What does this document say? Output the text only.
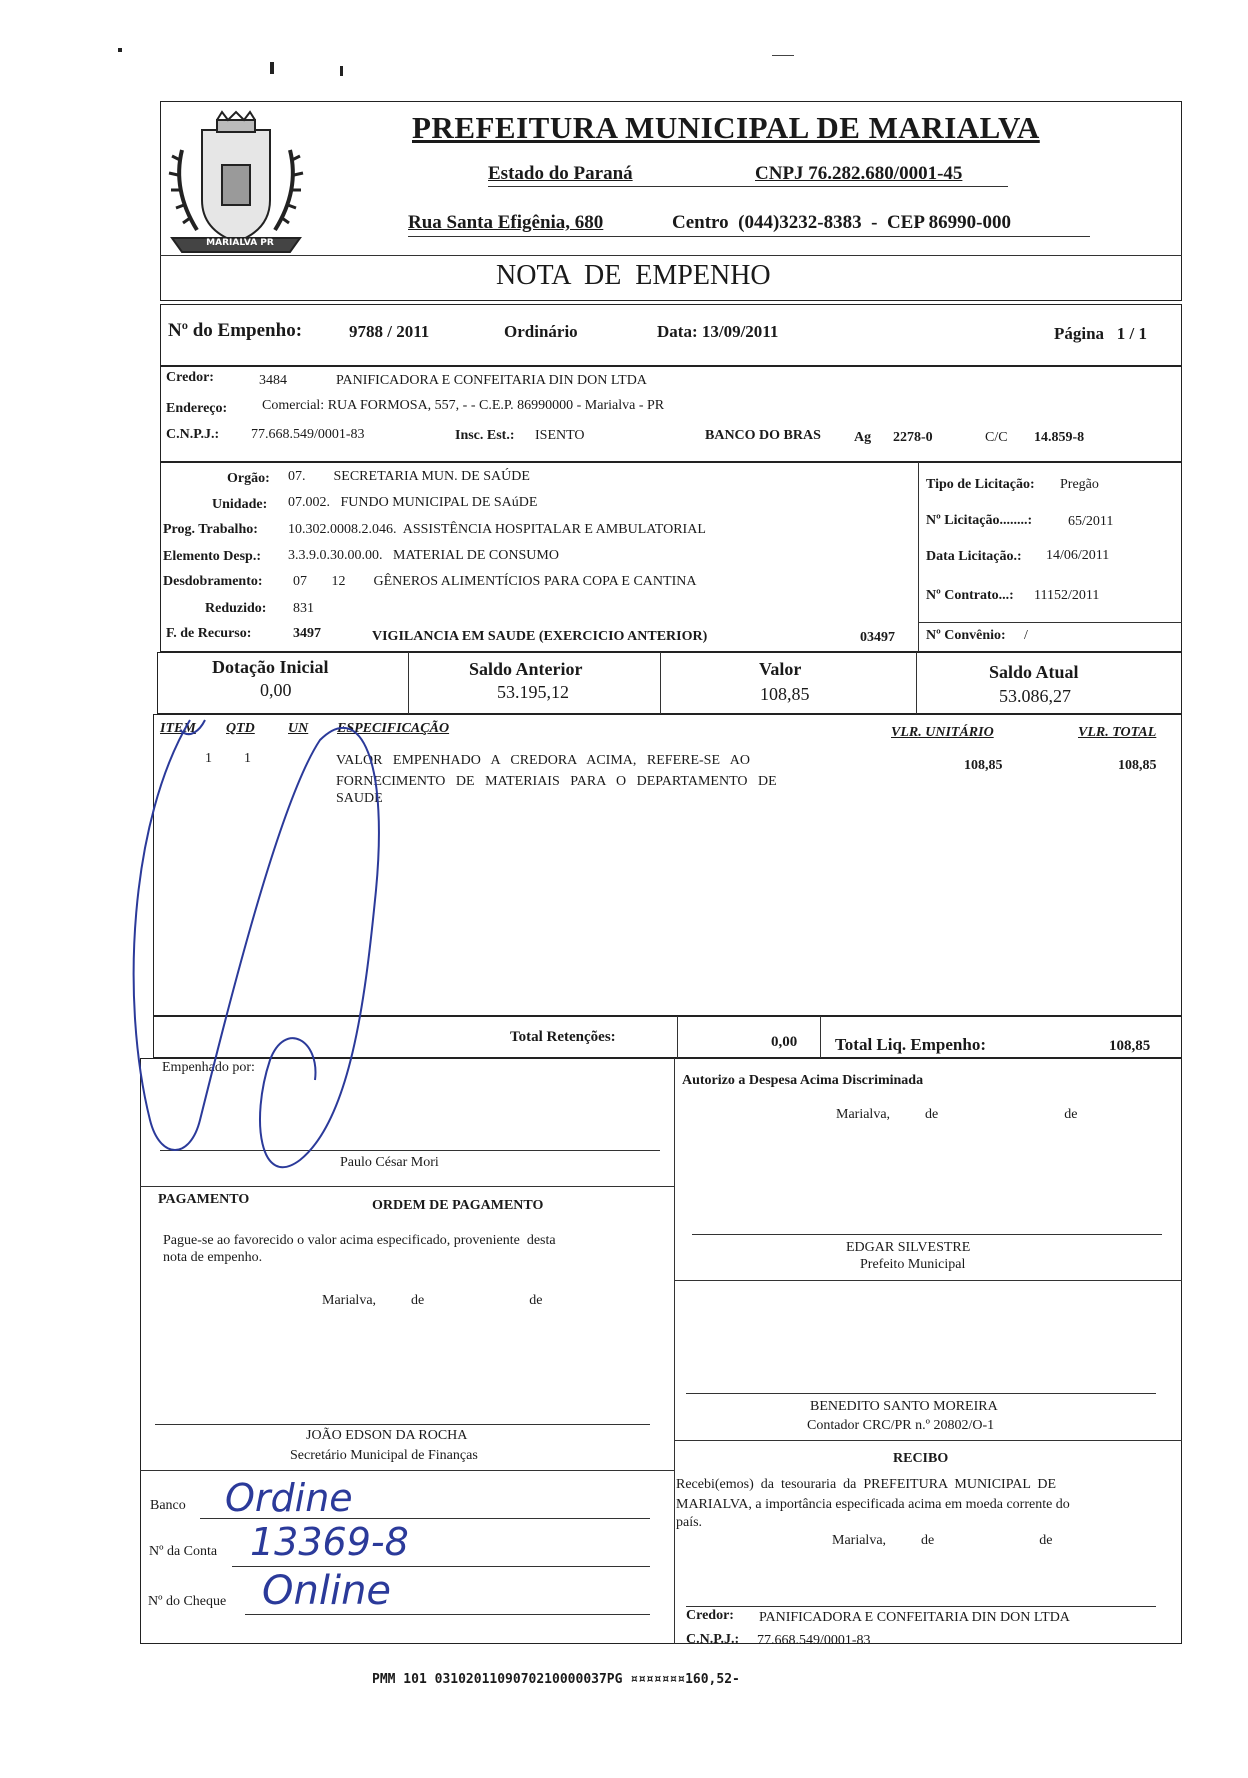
MARIALVA PR
PREFEITURA MUNICIPAL DE MARIALVA
Estado do Paraná	CNPJ 76.282.680/0001-45
Rua Santa Efigênia, 680	Centro  (044)3232-8383  -  CEP 86990-000
NOTA  DE  EMPENHO
Nº do Empenho:	9788 / 2011	Ordinário	Data: 13/09/2011	Página   1 / 1
Credor:	3484	PANIFICADORA E CONFEITARIA DIN DON LTDA
Endereço: Comercial: RUA FORMOSA, 557, - - C.E.P. 86990000 - Marialva - PR
C.N.P.J.: 77.668.549/0001-83	Insc. Est.: ISENTO	BANCO DO BRAS Ag 2278-0	C/C 14.859-8
Orgão: 07.        SECRETARIA MUN. DE SAÚDE
Unidade: 07.002.   FUNDO MUNICIPAL DE SAúDE
Prog. Trabalho: 10.302.0008.2.046.  ASSISTÊNCIA HOSPITALAR E AMBULATORIAL
Elemento Desp.: 3.3.9.0.30.00.00.   MATERIAL DE CONSUMO
Desdobramento: 07       12        GÊNEROS ALIMENTÍCIOS PARA COPA E CANTINA
Reduzido: 831
F. de Recurso:	3497	VIGILANCIA EM SAUDE (EXERCICIO ANTERIOR)	03497
Tipo de Licitação: Pregão
Nº Licitação........:	65/2011
Data Licitação.: 14/06/2011
Nº Contrato...: 11152/2011
Nº Convênio: /
Dotação Inicial
0,00
Saldo Anterior
53.195,12
Valor
108,85
Saldo Atual
53.086,27
ITEM QTD UN ESPECIFICAÇÃO	VLR. UNITÁRIO	VLR. TOTAL
1 1	VALOR   EMPENHADO   A   CREDORA   ACIMA,   REFERE-SE   AO
FORNECIMENTO   DE   MATERIAIS   PARA   O   DEPARTAMENTO   DE
SAUDE
108,85	108,85
Total Retenções:	0,00 Total Liq. Empenho:	108,85
Empenhado por:
Paulo César Mori
Autorizo a Despesa Acima Discriminada
Marialva,          de                                    de
EDGAR SILVESTRE
Prefeito Municipal
PAGAMENTO	ORDEM DE PAGAMENTO
Pague-se ao favorecido o valor acima especificado, proveniente  desta
nota de empenho.
Marialva,          de                              de
JOÃO EDSON DA ROCHA
Secretário Municipal de Finanças
Banco Ordine
Nº da Conta 13369-8
Nº do Cheque Online
BENEDITO SANTO MOREIRA
Contador CRC/PR n.º 20802/O-1
RECIBO
Recebi(emos)  da  tesouraria  da  PREFEITURA  MUNICIPAL  DE
MARIALVA, a importância especificada acima em moeda corrente do
país.
Marialva,          de                              de
Credor: PANIFICADORA E CONFEITARIA DIN DON LTDA
C.N.P.J.: 77.668.549/0001-83
PMM 101 0310201109070210000037PG ¤¤¤¤¤¤¤160,52-
